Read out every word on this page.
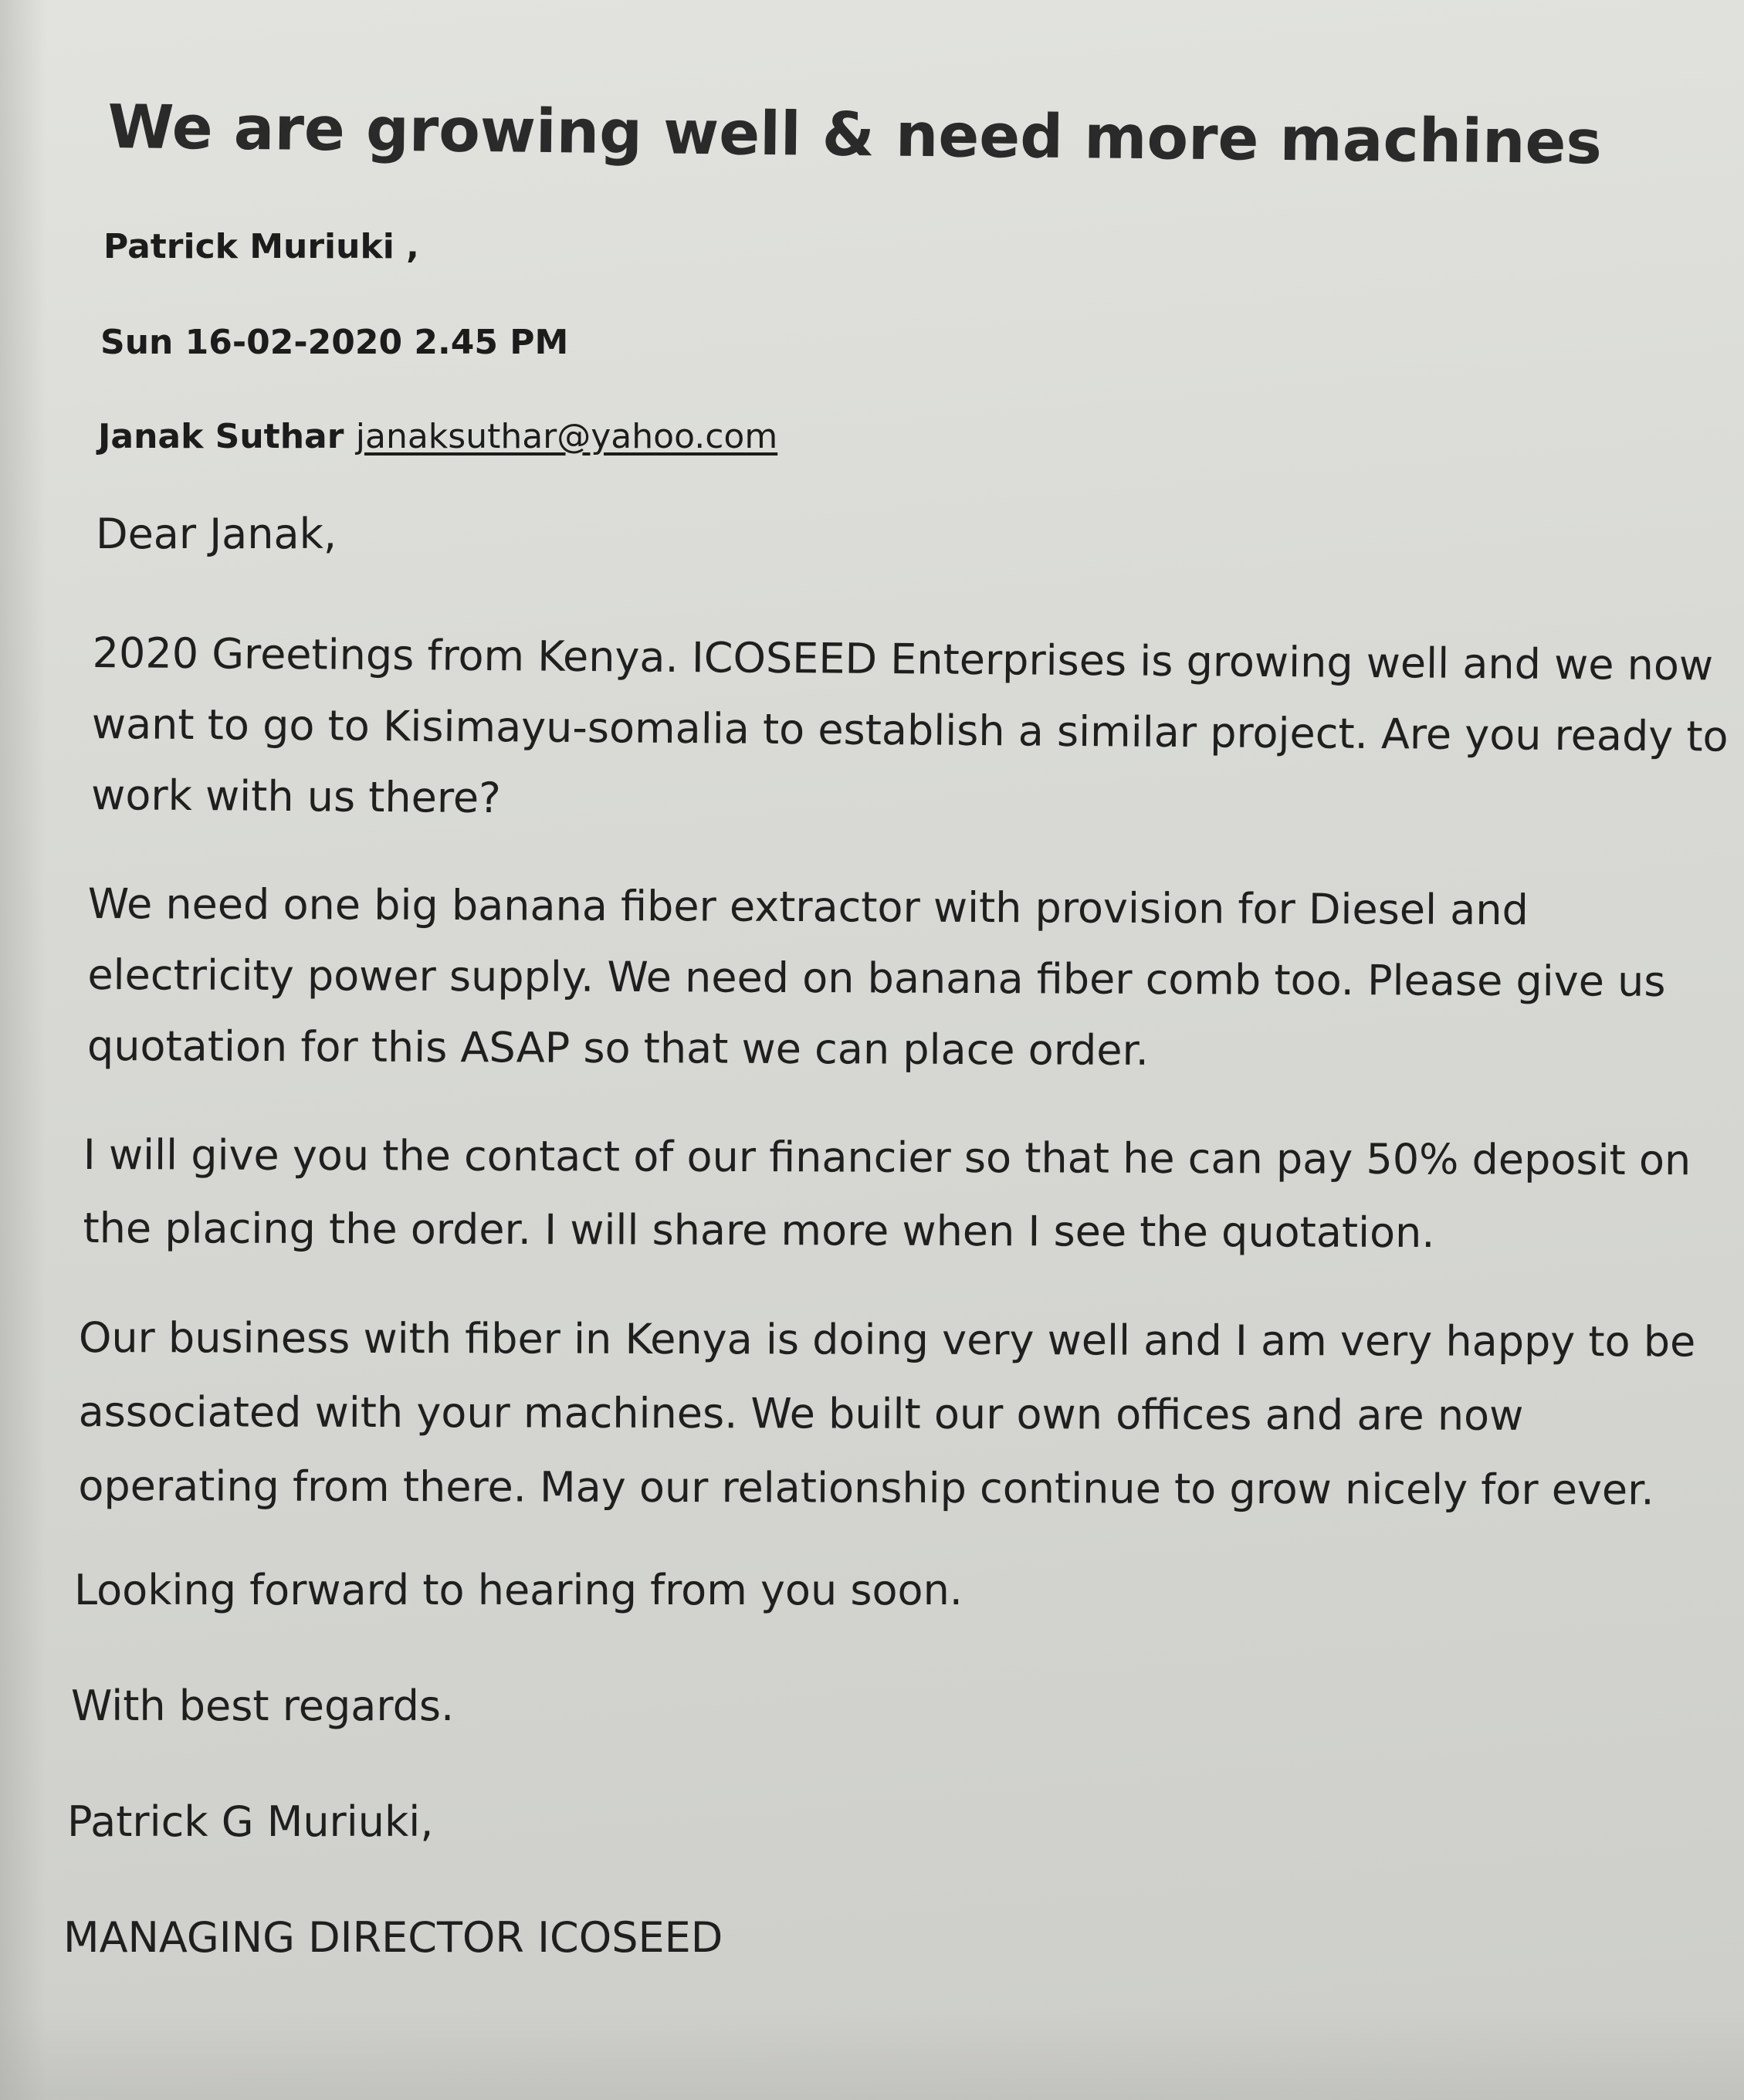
We are growing well & need more machines
Patrick Muriuki ,
Sun 16-02-2020 2.45 PM
Janak Suthar janaksuthar@yahoo.com

Dear Janak,

2020 Greetings from Kenya. ICOSEED Enterprises is growing well and we now
want to go to Kisimayu-somalia to establish a similar project. Are you ready to
work with us there?

We need one big banana fiber extractor with provision for Diesel and
electricity power supply. We need on banana fiber comb too. Please give us
quotation for this ASAP so that we can place order.

I will give you the contact of our financier so that he can pay 50% deposit on
the placing the order. I will share more when I see the quotation.

Our business with fiber in Kenya is doing very well and I am very happy to be
associated with your machines. We built our own offices and are now
operating from there. May our relationship continue to grow nicely for ever.

Looking forward to hearing from you soon.

With best regards.

Patrick G Muriuki,

MANAGING DIRECTOR ICOSEED
